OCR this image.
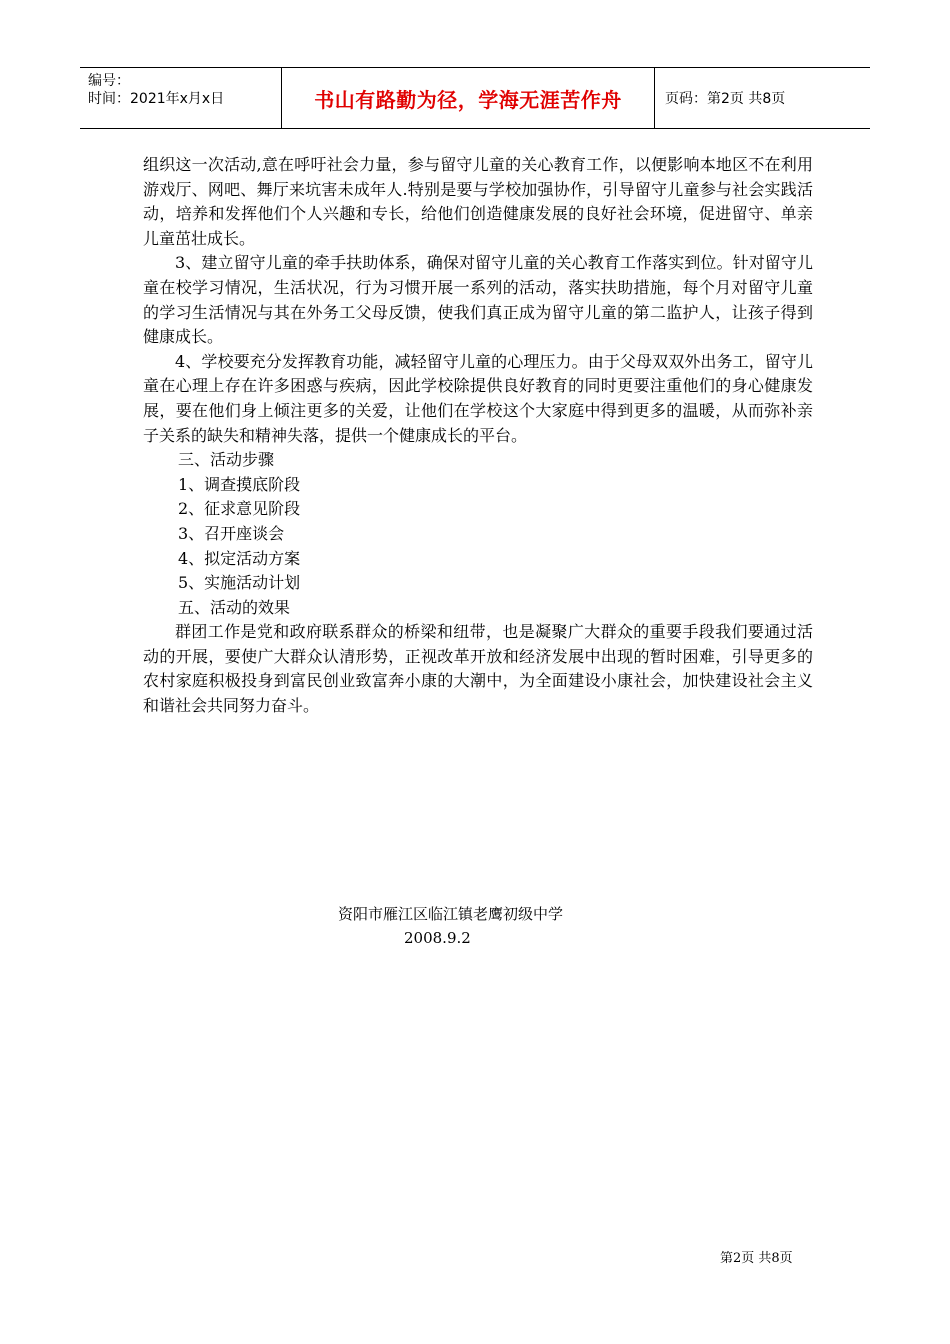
编号：
时间：2021年x月x日	书山有路勤为径，学海无涯苦作舟	页码：第2页 共8页

组织这一次活动,意在呼吁社会力量，参与留守儿童的关心教育工作，以便影响本地区不在利用游戏厅、网吧、舞厅来坑害未成年人.特别是要与学校加强协作，引导留守儿童参与社会实践活动，培养和发挥他们个人兴趣和专长，给他们创造健康发展的良好社会环境，促进留守、单亲儿童茁壮成长。

3、建立留守儿童的牵手扶助体系，确保对留守儿童的关心教育工作落实到位。针对留守儿童在校学习情况，生活状况，行为习惯开展一系列的活动，落实扶助措施，每个月对留守儿童的学习生活情况与其在外务工父母反馈，使我们真正成为留守儿童的第二监护人，让孩子得到健康成长。

4、学校要充分发挥教育功能，减轻留守儿童的心理压力。由于父母双双外出务工，留守儿童在心理上存在许多困惑与疾病，因此学校除提供良好教育的同时更要注重他们的身心健康发展，要在他们身上倾注更多的关爱，让他们在学校这个大家庭中得到更多的温暖，从而弥补亲子关系的缺失和精神失落，提供一个健康成长的平台。

三、活动步骤

1、调查摸底阶段

2、征求意见阶段

3、召开座谈会

4、拟定活动方案

5、实施活动计划

五、活动的效果

群团工作是党和政府联系群众的桥梁和纽带，也是凝聚广大群众的重要手段我们要通过活动的开展，要使广大群众认清形势，正视改革开放和经济发展中出现的暂时困难，引导更多的农村家庭积极投身到富民创业致富奔小康的大潮中，为全面建设小康社会，加快建设社会主义和谐社会共同努力奋斗。

资阳市雁江区临江镇老鹰初级中学
2008.9.2
第2页 共8页
